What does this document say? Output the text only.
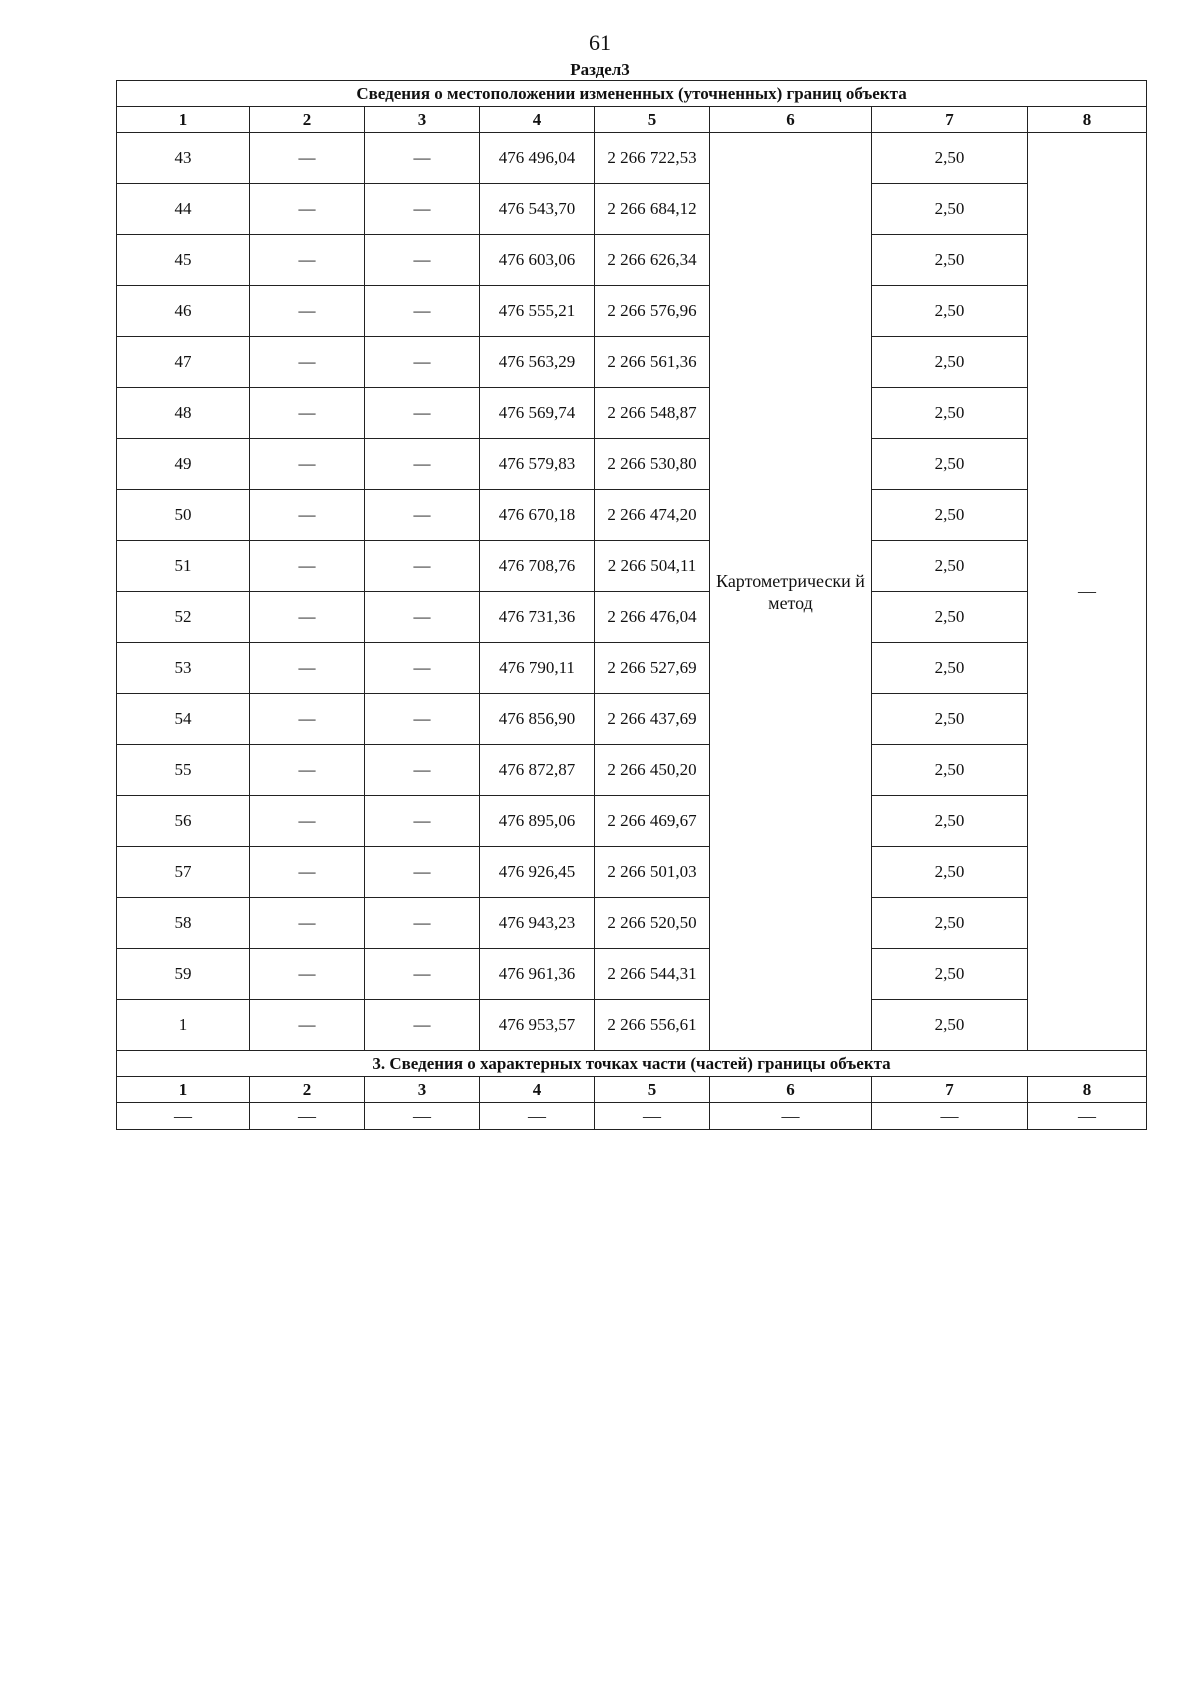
61
Раздел3
Сведения о местоположении измененных (уточненных) границ объекта							
1	2	3	4	5	6	7	8
43	—	—	476 496,04	2 266 722,53	Картометрически й метод	2,50	—
44	—	—	476 543,70	2 266 684,12		2,50	
45	—	—	476 603,06	2 266 626,34		2,50	
46	—	—	476 555,21	2 266 576,96		2,50	
47	—	—	476 563,29	2 266 561,36		2,50	
48	—	—	476 569,74	2 266 548,87		2,50	
49	—	—	476 579,83	2 266 530,80		2,50	
50	—	—	476 670,18	2 266 474,20		2,50	
51	—	—	476 708,76	2 266 504,11		2,50	
52	—	—	476 731,36	2 266 476,04		2,50	
53	—	—	476 790,11	2 266 527,69		2,50	
54	—	—	476 856,90	2 266 437,69		2,50	
55	—	—	476 872,87	2 266 450,20		2,50	
56	—	—	476 895,06	2 266 469,67		2,50	
57	—	—	476 926,45	2 266 501,03		2,50	
58	—	—	476 943,23	2 266 520,50		2,50	
59	—	—	476 961,36	2 266 544,31		2,50	
1	—	—	476 953,57	2 266 556,61		2,50	
3. Сведения о характерных точках части (частей) границы объекта							
1	2	3	4	5	6	7	8
—	—	—	—	—	—	—	—
